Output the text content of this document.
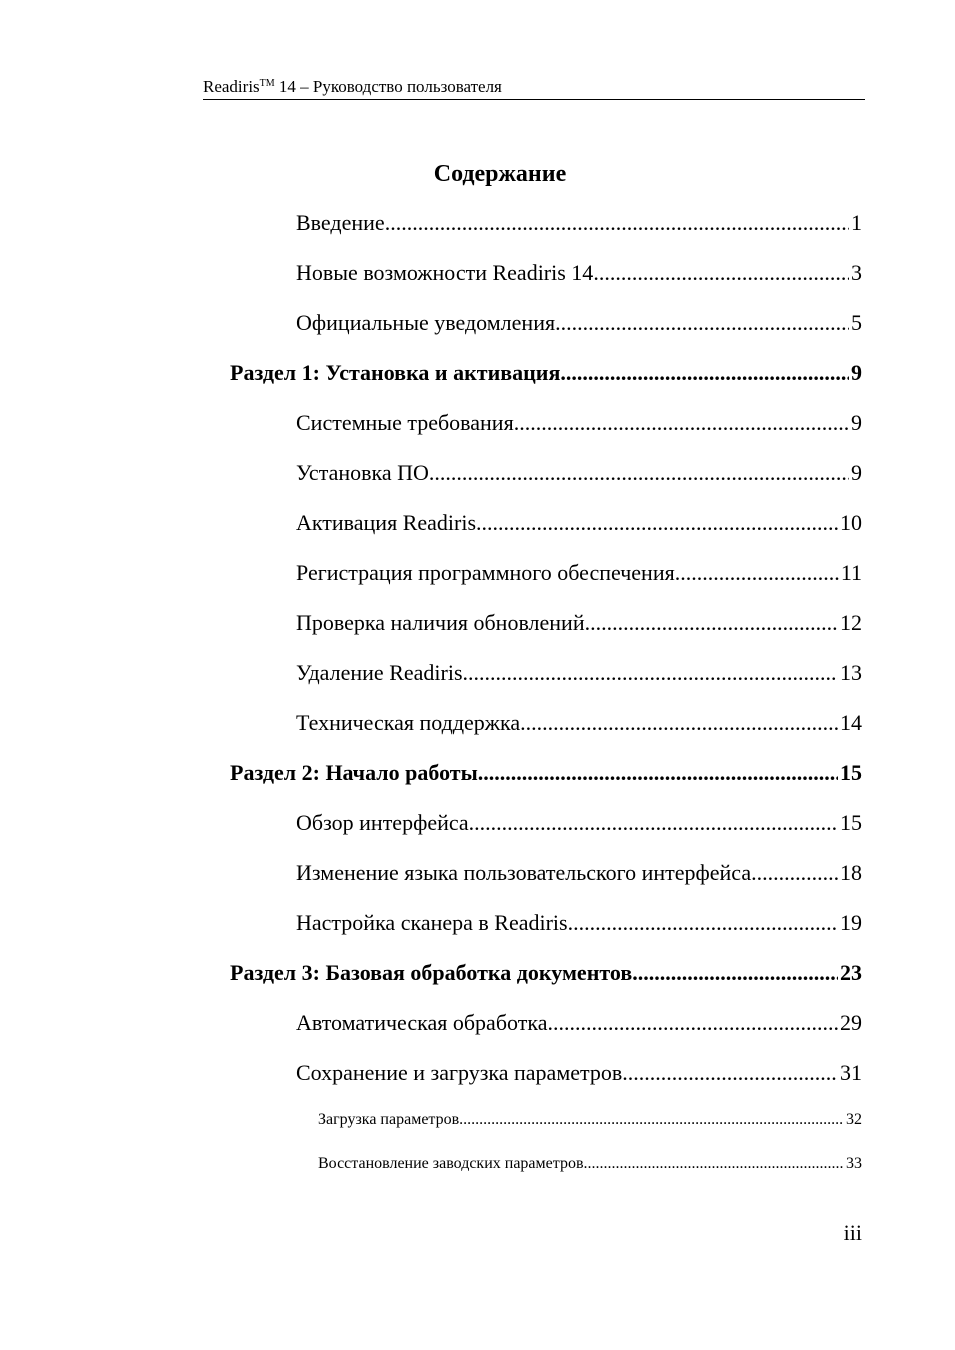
Readiris™ 14 – Руководство пользователя
Содержание
Введение .....	1
Новые возможности Readiris 14 .....	3
Официальные уведомления .....	5
Раздел 1: Установка и активация .....	9
Системные требования .....	9
Установка ПО .....	9
Активация Readiris .....	10
Регистрация программного обеспечения .....	11
Проверка наличия обновлений .....	12
Удаление Readiris .....	13
Техническая поддержка .....	14
Раздел 2: Начало работы .....	15
Обзор интерфейса .....	15
Изменение языка пользовательского интерфейса .....	18
Настройка сканера в Readiris .....	19
Раздел 3: Базовая обработка документов .....	23
Автоматическая обработка .....	29
Сохранение и загрузка параметров .....	31
Загрузка параметров .....	32
Восстановление заводских параметров .....	33
iii
